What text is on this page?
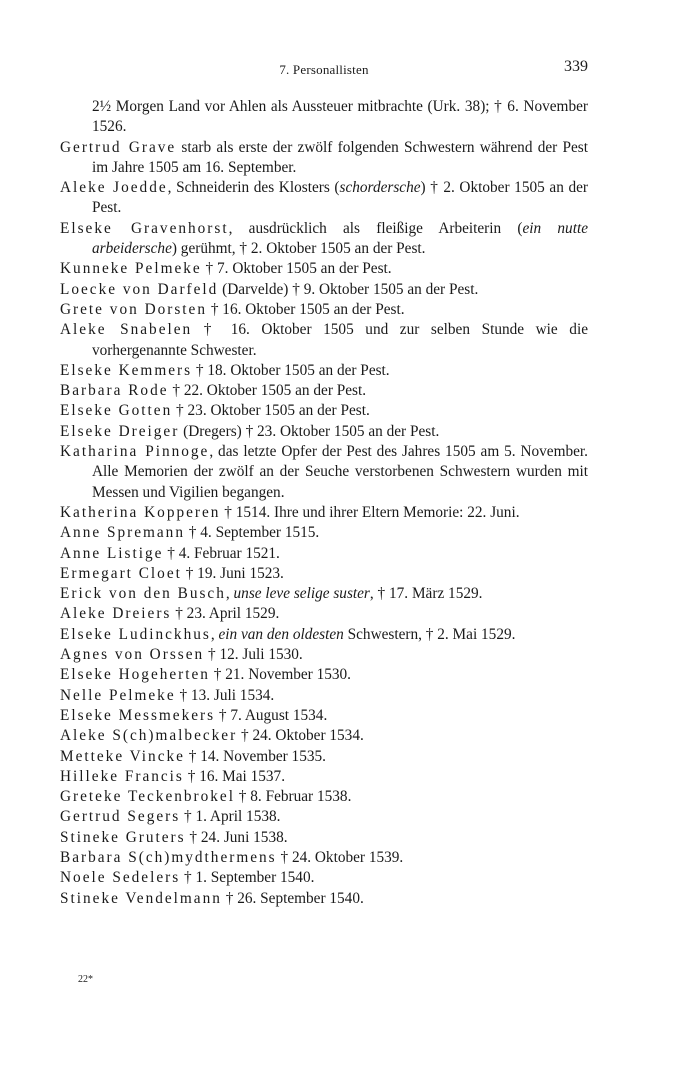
7. Personallisten	339
2½ Morgen Land vor Ahlen als Aussteuer mitbrachte (Urk. 38); † 6. November 1526.
Gertrud Grave starb als erste der zwölf folgenden Schwestern während der Pest im Jahre 1505 am 16. September.
Aleke Joedde, Schneiderin des Klosters (schordersche) † 2. Oktober 1505 an der Pest.
Elseke Gravenhorst, ausdrücklich als fleißige Arbeiterin (ein nutte arbeidersche) gerühmt, † 2. Oktober 1505 an der Pest.
Kunneke Pelmeke † 7. Oktober 1505 an der Pest.
Loecke von Darfeld (Darvelde) † 9. Oktober 1505 an der Pest.
Grete von Dorsten † 16. Oktober 1505 an der Pest.
Aleke Snabelen † 16. Oktober 1505 und zur selben Stunde wie die vorhergenannte Schwester.
Elseke Kemmers † 18. Oktober 1505 an der Pest.
Barbara Rode † 22. Oktober 1505 an der Pest.
Elseke Gotten † 23. Oktober 1505 an der Pest.
Elseke Dreiger (Dregers) † 23. Oktober 1505 an der Pest.
Katharina Pinnoge, das letzte Opfer der Pest des Jahres 1505 am 5. November. Alle Memorien der zwölf an der Seuche verstorbenen Schwestern wurden mit Messen und Vigilien begangen.
Katherina Kopperen † 1514. Ihre und ihrer Eltern Memorie: 22. Juni.
Anne Spremann † 4. September 1515.
Anne Listige † 4. Februar 1521.
Ermegart Cloet † 19. Juni 1523.
Erick von den Busch, unse leve selige suster, † 17. März 1529.
Aleke Dreiers † 23. April 1529.
Elseke Ludinckhus, ein van den oldesten Schwestern, † 2. Mai 1529.
Agnes von Orssen † 12. Juli 1530.
Elseke Hogeherten † 21. November 1530.
Nelle Pelmeke † 13. Juli 1534.
Elseke Messmekers † 7. August 1534.
Aleke S(ch)malbecker † 24. Oktober 1534.
Metteke Vincke † 14. November 1535.
Hilleke Francis † 16. Mai 1537.
Greteke Teckenbrokel † 8. Februar 1538.
Gertrud Segers † 1. April 1538.
Stineke Gruters † 24. Juni 1538.
Barbara S(ch)mydthermens † 24. Oktober 1539.
Noele Sedelers † 1. September 1540.
Stineke Vendelmann † 26. September 1540.
22*
